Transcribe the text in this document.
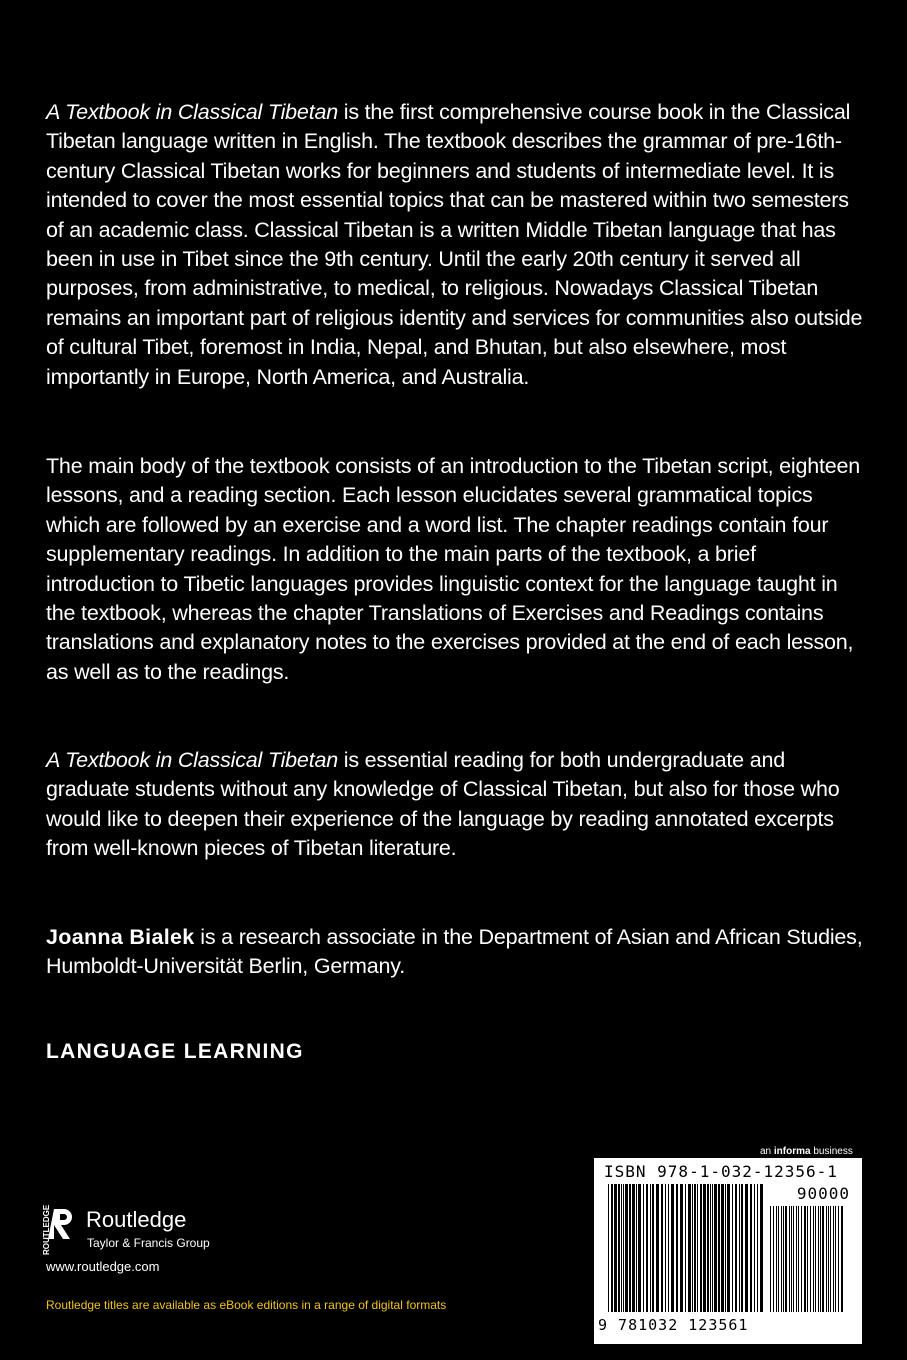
A Textbook in Classical Tibetan is the first comprehensive course book in the Classical Tibetan language written in English. The textbook describes the grammar of pre-16th-century Classical Tibetan works for beginners and students of intermediate level. It is intended to cover the most essential topics that can be mastered within two semesters of an academic class. Classical Tibetan is a written Middle Tibetan language that has been in use in Tibet since the 9th century. Until the early 20th century it served all purposes, from administrative, to medical, to religious. Nowadays Classical Tibetan remains an important part of religious identity and services for communities also outside of cultural Tibet, foremost in India, Nepal, and Bhutan, but also elsewhere, most importantly in Europe, North America, and Australia.

The main body of the textbook consists of an introduction to the Tibetan script, eighteen lessons, and a reading section. Each lesson elucidates several grammatical topics which are followed by an exercise and a word list. The chapter readings contain four supplementary readings. In addition to the main parts of the textbook, a brief introduction to Tibetic languages provides linguistic context for the language taught in the textbook, whereas the chapter Translations of Exercises and Readings contains translations and explanatory notes to the exercises provided at the end of each lesson, as well as to the readings.

A Textbook in Classical Tibetan is essential reading for both undergraduate and graduate students without any knowledge of Classical Tibetan, but also for those who would like to deepen their experience of the language by reading annotated excerpts from well-known pieces of Tibetan literature.

Joanna Bialek is a research associate in the Department of Asian and African Studies, Humboldt-Universität Berlin, Germany.

LANGUAGE LEARNING

an informa business
ISBN 978-1-032-12356-1
90000
9 781032 123561
ROUTLEDGE Routledge
Taylor & Francis Group
www.routledge.com
Routledge titles are available as eBook editions in a range of digital formats
